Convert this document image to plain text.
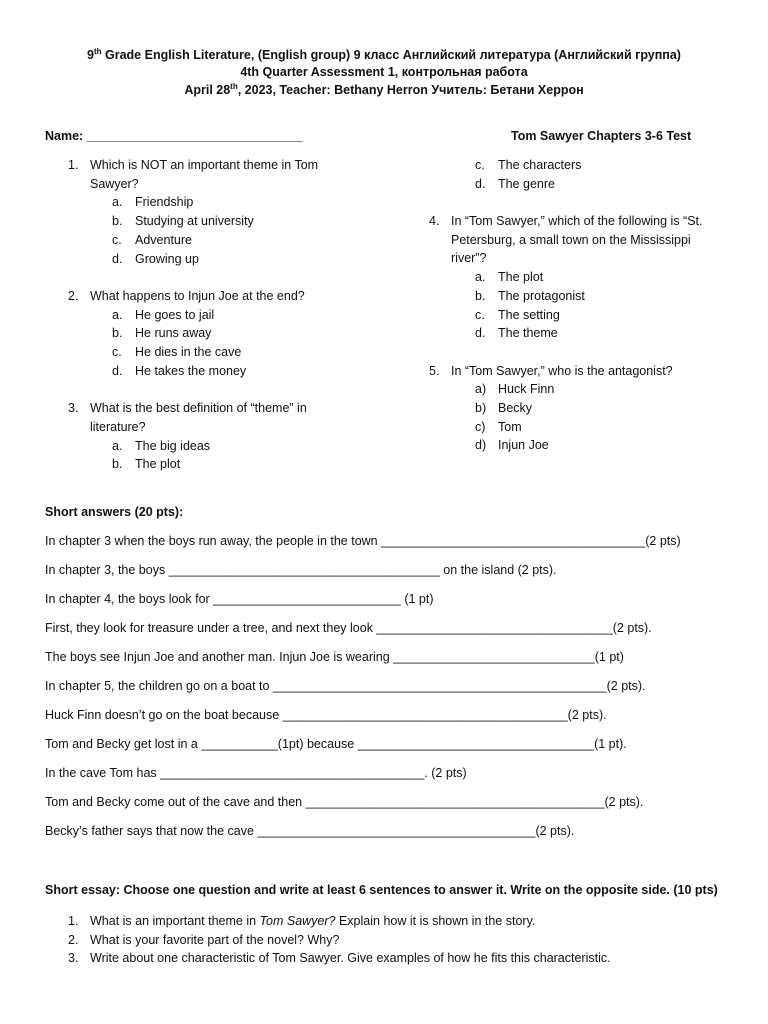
9th Grade English Literature, (English group) 9 класс Английский литература (Английский группа)
4th Quarter Assessment 1, контрольная работа
April 28th, 2023, Teacher: Bethany Herron Учитель: Бетани Херрон
Name: _______________________________	Tom Sawyer Chapters 3-6 Test
1. Which is NOT an important theme in Tom
Sawyer?
a. Friendship
b. Studying at university
c. Adventure
d. Growing up
2. What happens to Injun Joe at the end?
a. He goes to jail
b. He runs away
c. He dies in the cave
d. He takes the money
3. What is the best definition of “theme” in
literature?
a. The big ideas
b. The plot
c. The characters
d. The genre
4. In “Tom Sawyer,” which of the following is “St.
Petersburg, a small town on the Mississippi
river”?
a. The plot
b. The protagonist
c. The setting
d. The theme
5. In “Tom Sawyer,” who is the antagonist?
a) Huck Finn
b) Becky
c) Tom
d) Injun Joe
Short answers (20 pts):
In chapter 3 when the boys run away, the people in the town ______________________________________(2 pts)
In chapter 3, the boys _______________________________________ on the island (2 pts).
In chapter 4, the boys look for ___________________________ (1 pt)
First, they look for treasure under a tree, and next they look __________________________________(2 pts).
The boys see Injun Joe and another man. Injun Joe is wearing _____________________________(1 pt)
In chapter 5, the children go on a boat to ________________________________________________(2 pts).
Huck Finn doesn’t go on the boat because _________________________________________(2 pts).
Tom and Becky get lost in a ___________(1pt) because __________________________________(1 pt).
In the cave Tom has ______________________________________. (2 pts)
Tom and Becky come out of the cave and then ___________________________________________(2 pts).
Becky’s father says that now the cave ________________________________________(2 pts).
Short essay: Choose one question and write at least 6 sentences to answer it. Write on the opposite side. (10 pts)
1. What is an important theme in Tom Sawyer? Explain how it is shown in the story.
2. What is your favorite part of the novel? Why?
3. Write about one characteristic of Tom Sawyer. Give examples of how he fits this characteristic.
